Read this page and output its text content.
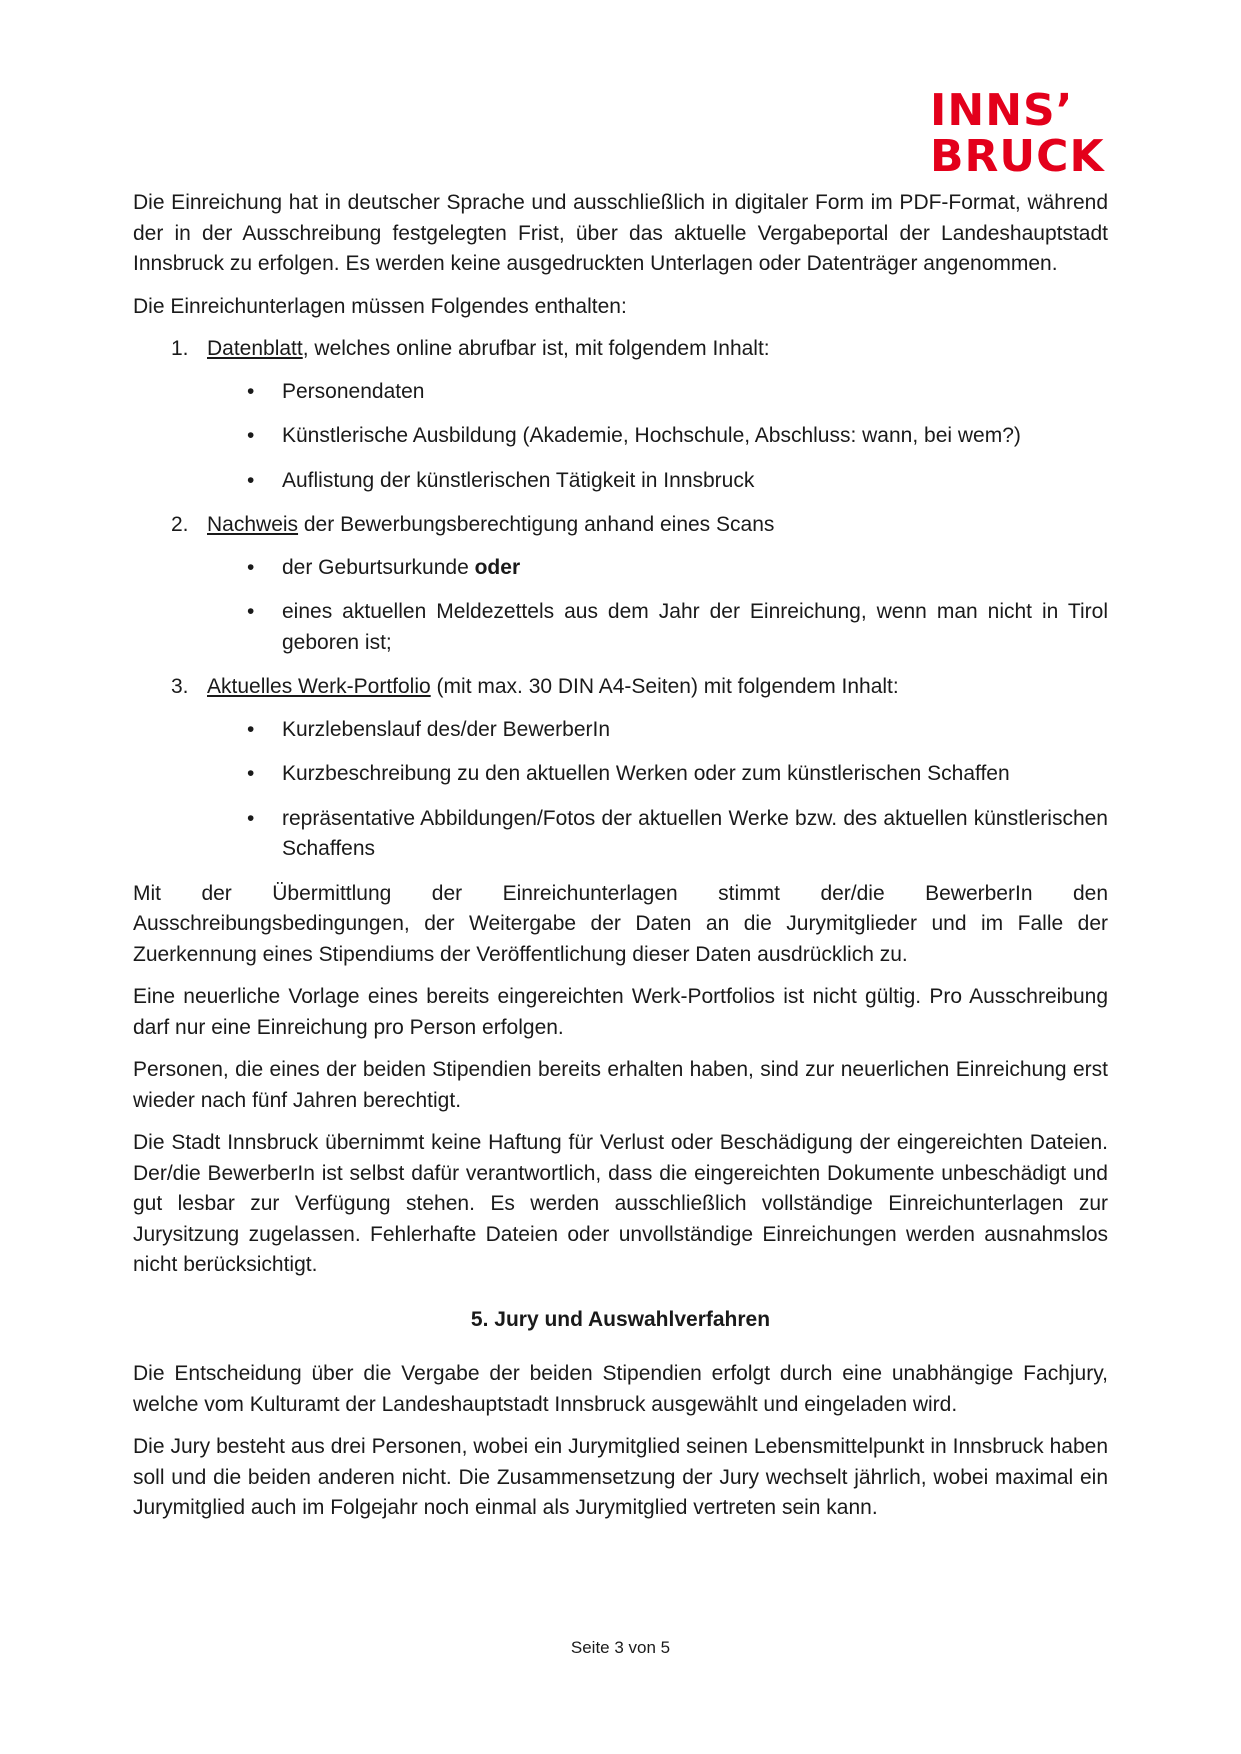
INNS’
BRUCK

Die Einreichung hat in deutscher Sprache und ausschließlich in digitaler Form im PDF-Format, während der in der Ausschreibung festgelegten Frist, über das aktuelle Vergabeportal der Landeshauptstadt Innsbruck zu erfolgen. Es werden keine ausgedruckten Unterlagen oder Datenträger angenommen.

Die Einreichunterlagen müssen Folgendes enthalten:

1. Datenblatt, welches online abrufbar ist, mit folgendem Inhalt:
• Personendaten
• Künstlerische Ausbildung (Akademie, Hochschule, Abschluss: wann, bei wem?)
• Auflistung der künstlerischen Tätigkeit in Innsbruck
2. Nachweis der Bewerbungsberechtigung anhand eines Scans
• der Geburtsurkunde oder
• eines aktuellen Meldezettels aus dem Jahr der Einreichung, wenn man nicht in Tirol geboren ist;
3. Aktuelles Werk-Portfolio (mit max. 30 DIN A4-Seiten) mit folgendem Inhalt:
• Kurzlebenslauf des/der BewerberIn
• Kurzbeschreibung zu den aktuellen Werken oder zum künstlerischen Schaffen
• repräsentative Abbildungen/Fotos der aktuellen Werke bzw. des aktuellen künstlerischen Schaffens

Mit der Übermittlung der Einreichunterlagen stimmt der/die BewerberIn den Ausschreibungsbedingungen, der Weitergabe der Daten an die Jurymitglieder und im Falle der Zuerkennung eines Stipendiums der Veröffentlichung dieser Daten ausdrücklich zu.

Eine neuerliche Vorlage eines bereits eingereichten Werk-Portfolios ist nicht gültig. Pro Ausschreibung darf nur eine Einreichung pro Person erfolgen.

Personen, die eines der beiden Stipendien bereits erhalten haben, sind zur neuerlichen Einreichung erst wieder nach fünf Jahren berechtigt.

Die Stadt Innsbruck übernimmt keine Haftung für Verlust oder Beschädigung der eingereichten Dateien. Der/die BewerberIn ist selbst dafür verantwortlich, dass die eingereichten Dokumente unbeschädigt und gut lesbar zur Verfügung stehen. Es werden ausschließlich vollständige Einreichunterlagen zur Jurysitzung zugelassen. Fehlerhafte Dateien oder unvollständige Einreichungen werden ausnahmslos nicht berücksichtigt.

5. Jury und Auswahlverfahren

Die Entscheidung über die Vergabe der beiden Stipendien erfolgt durch eine unabhängige Fachjury, welche vom Kulturamt der Landeshauptstadt Innsbruck ausgewählt und eingeladen wird.

Die Jury besteht aus drei Personen, wobei ein Jurymitglied seinen Lebensmittelpunkt in Innsbruck haben soll und die beiden anderen nicht. Die Zusammensetzung der Jury wechselt jährlich, wobei maximal ein Jurymitglied auch im Folgejahr noch einmal als Jurymitglied vertreten sein kann.

Seite 3 von 5
